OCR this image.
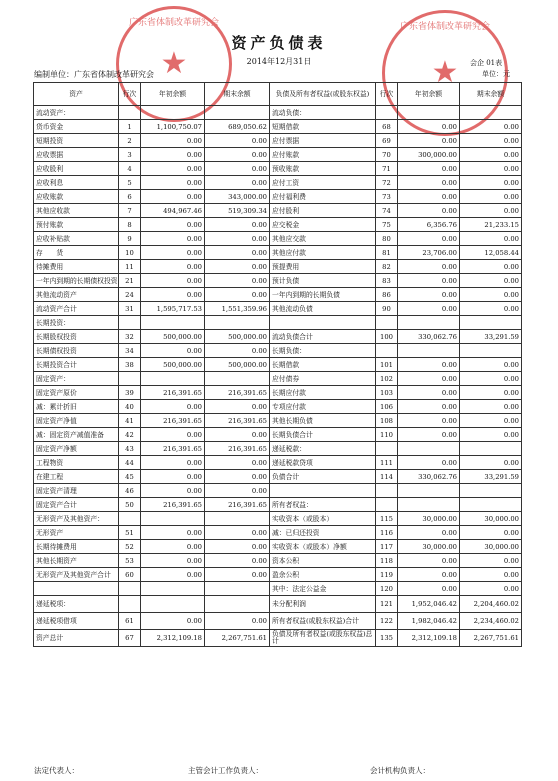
广东省体制改革研究会
★
广东省体制改革研究会
★
资产负债表
2014年12月31日
编制单位：广东省体制改革研究会
会企 01表
单位：元
资产	行次	年初余额	期末余额	负债及所有者权益(或股东权益)	行次	年初余额	期末余额
流动资产：				流动负债：			
货币资金	1	1,100,750.07	689,050.62	短期借款	68	0.00	0.00
短期投资	2	0.00	0.00	应付票据	69	0.00	0.00
应收票据	3	0.00	0.00	应付账款	70	300,000.00	0.00
应收股利	4	0.00	0.00	预收账款	71	0.00	0.00
应收利息	5	0.00	0.00	应付工资	72	0.00	0.00
应收账款	6	0.00	343,000.00	应付福利费	73	0.00	0.00
其他应收款	7	494,967.46	519,309.34	应付股利	74	0.00	0.00
预付账款	8	0.00	0.00	应交税金	75	6,356.76	21,233.15
应收补贴款	9	0.00	0.00	其他应交款	80	0.00	0.00
存　　货	10	0.00	0.00	其他应付款	81	23,706.00	12,058.44
待摊费用	11	0.00	0.00	预提费用	82	0.00	0.00
一年内到期的长期债权投资	21	0.00	0.00	预计负债	83	0.00	0.00
其他流动资产	24	0.00	0.00	一年内到期的长期负债	86	0.00	0.00
流动资产合计	31	1,595,717.53	1,551,359.96	其他流动负债	90	0.00	0.00
长期投资：							
长期股权投资	32	500,000.00	500,000.00	流动负债合计	100	330,062.76	33,291.59
长期债权投资	34	0.00	0.00	长期负债：			
长期投资合计	38	500,000.00	500,000.00	长期借款	101	0.00	0.00
固定资产：				应付债券	102	0.00	0.00
固定资产原价	39	216,391.65	216,391.65	长期应付款	103	0.00	0.00
减：累计折旧	40	0.00	0.00	专项应付款	106	0.00	0.00
固定资产净值	41	216,391.65	216,391.65	其他长期负债	108	0.00	0.00
减：固定资产减值准备	42	0.00	0.00	长期负债合计	110	0.00	0.00
固定资产净额	43	216,391.65	216,391.65	递延税款：			
工程物资	44	0.00	0.00	递延税款贷项	111	0.00	0.00
在建工程	45	0.00	0.00	负债合计	114	330,062.76	33,291.59
固定资产清理	46	0.00	0.00				
固定资产合计	50	216,391.65	216,391.65	所有者权益：			
无形资产及其他资产：				实收资本（或股本）	115	30,000.00	30,000.00
无形资产	51	0.00	0.00	减：已归还投资	116	0.00	0.00
长期待摊费用	52	0.00	0.00	实收资本（或股本）净额	117	30,000.00	30,000.00
其他长期资产	53	0.00	0.00	资本公积	118	0.00	0.00
无形资产及其他资产合计	60	0.00	0.00	盈余公积	119	0.00	0.00
				其中：法定公益金	120	0.00	0.00
递延税项：				未分配利润	121	1,952,046.42	2,204,460.02
递延税项借项	61	0.00	0.00	所有者权益(或股东权益)合计	122	1,982,046.42	2,234,460.02
资产总计	67	2,312,109.18	2,267,751.61	负债及所有者权益(或股东权益)总计	135	2,312,109.18	2,267,751.61
法定代表人：	主管会计工作负责人：	会计机构负责人：
